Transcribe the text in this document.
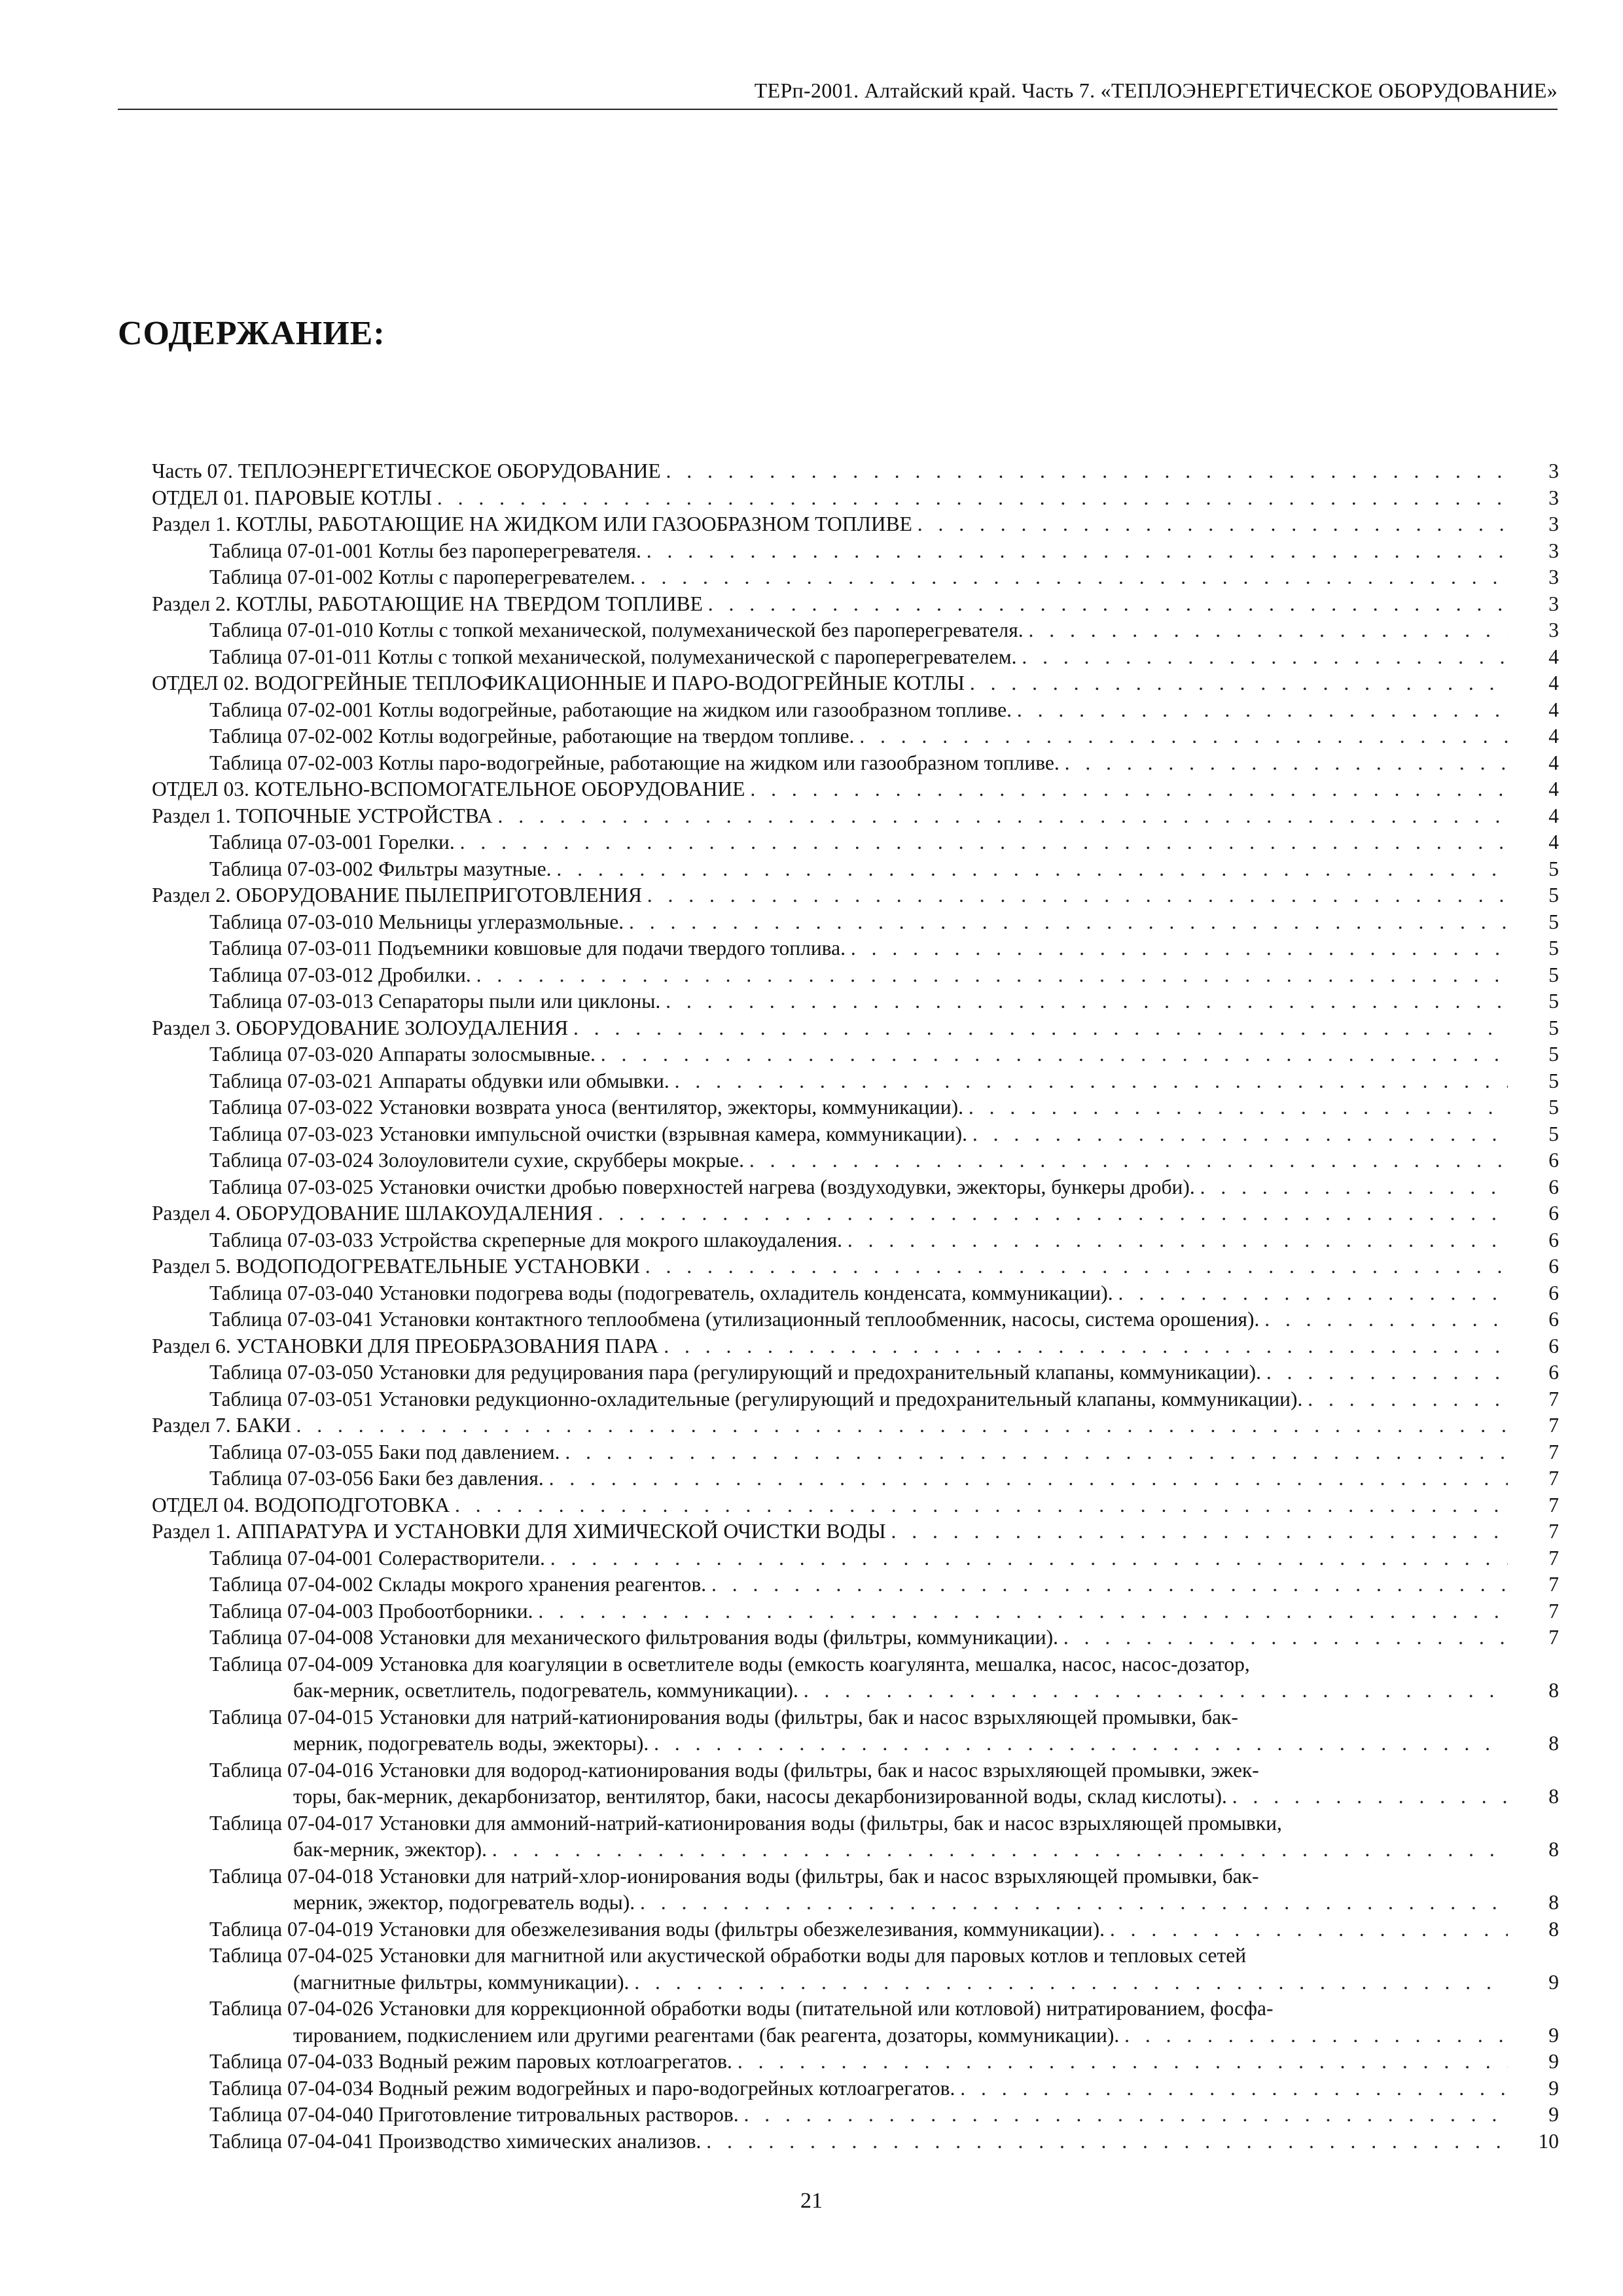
ТЕРп-2001. Алтайский край. Часть 7. «ТЕПЛОЭНЕРГЕТИЧЕСКОЕ ОБОРУДОВАНИЕ»
СОДЕРЖАНИЕ:
Часть 07. ТЕПЛОЭНЕРГЕТИЧЕСКОЕ ОБОРУДОВАНИЕ . . .	3
ОТДЕЛ 01. ПАРОВЫЕ КОТЛЫ . . .	3
Раздел 1. КОТЛЫ, РАБОТАЮЩИЕ НА ЖИДКОМ ИЛИ ГАЗООБРАЗНОМ ТОПЛИВЕ . . .	3
Таблица 07-01-001 Котлы без пароперегревателя. . . .	3
Таблица 07-01-002 Котлы с пароперегревателем. . . .	3
Раздел 2. КОТЛЫ, РАБОТАЮЩИЕ НА ТВЕРДОМ ТОПЛИВЕ . . .	3
Таблица 07-01-010 Котлы с топкой механической, полумеханической без пароперегревателя. . . .	3
Таблица 07-01-011 Котлы с топкой механической, полумеханической с пароперегревателем. . . .	4
ОТДЕЛ 02. ВОДОГРЕЙНЫЕ ТЕПЛОФИКАЦИОННЫЕ И ПАРО-ВОДОГРЕЙНЫЕ КОТЛЫ . . .	4
Таблица 07-02-001 Котлы водогрейные, работающие на жидком или газообразном топливе. . . .	4
Таблица 07-02-002 Котлы водогрейные, работающие на твердом топливе. . . .	4
Таблица 07-02-003 Котлы паро-водогрейные, работающие на жидком или газообразном топливе. . . .	4
ОТДЕЛ 03. КОТЕЛЬНО-ВСПОМОГАТЕЛЬНОЕ ОБОРУДОВАНИЕ . . .	4
Раздел 1. ТОПОЧНЫЕ УСТРОЙСТВА . . .	4
Таблица 07-03-001 Горелки. . . .	4
Таблица 07-03-002 Фильтры мазутные. . . .	5
Раздел 2. ОБОРУДОВАНИЕ ПЫЛЕПРИГОТОВЛЕНИЯ . . .	5
Таблица 07-03-010 Мельницы углеразмольные. . . .	5
Таблица 07-03-011 Подъемники ковшовые для подачи твердого топлива. . . .	5
Таблица 07-03-012 Дробилки. . . .	5
Таблица 07-03-013 Сепараторы пыли или циклоны. . . .	5
Раздел 3. ОБОРУДОВАНИЕ ЗОЛОУДАЛЕНИЯ . . .	5
Таблица 07-03-020 Аппараты золосмывные. . . .	5
Таблица 07-03-021 Аппараты обдувки или обмывки. . . .	5
Таблица 07-03-022 Установки возврата уноса (вентилятор, эжекторы, коммуникации). . . .	5
Таблица 07-03-023 Установки импульсной очистки (взрывная камера, коммуникации). . . .	5
Таблица 07-03-024 Золоуловители сухие, скрубберы мокрые. . . .	6
Таблица 07-03-025 Установки очистки дробью поверхностей нагрева (воздуходувки, эжекторы, бункеры дроби). . . .	6
Раздел 4. ОБОРУДОВАНИЕ ШЛАКОУДАЛЕНИЯ . . .	6
Таблица 07-03-033 Устройства скреперные для мокрого шлакоудаления. . . .	6
Раздел 5. ВОДОПОДОГРЕВАТЕЛЬНЫЕ УСТАНОВКИ . . .	6
Таблица 07-03-040 Установки подогрева воды (подогреватель, охладитель конденсата, коммуникации). . . .	6
Таблица 07-03-041 Установки контактного теплообмена (утилизационный теплообменник, насосы, система орошения). . . .	6
Раздел 6. УСТАНОВКИ ДЛЯ ПРЕОБРАЗОВАНИЯ ПАРА . . .	6
Таблица 07-03-050 Установки для редуцирования пара (регулирующий и предохранительный клапаны, коммуникации). . . .	6
Таблица 07-03-051 Установки редукционно-охладительные (регулирующий и предохранительный клапаны, коммуникации). . . .	7
Раздел 7. БАКИ . . .	7
Таблица 07-03-055 Баки под давлением. . . .	7
Таблица 07-03-056 Баки без давления. . . .	7
ОТДЕЛ 04. ВОДОПОДГОТОВКА . . .	7
Раздел 1. АППАРАТУРА И УСТАНОВКИ ДЛЯ ХИМИЧЕСКОЙ ОЧИСТКИ ВОДЫ . . .	7
Таблица 07-04-001 Солерастворители. . . .	7
Таблица 07-04-002 Склады мокрого хранения реагентов. . . .	7
Таблица 07-04-003 Пробоотборники. . . .	7
Таблица 07-04-008 Установки для механического фильтрования воды (фильтры, коммуникации). . . .	7
Таблица 07-04-009 Установка для коагуляции в осветлителе воды (емкость коагулянта, мешалка, насос, насос-дозатор,
бак-мерник, осветлитель, подогреватель, коммуникации). . . .	8
Таблица 07-04-015 Установки для натрий-катионирования воды (фильтры, бак и насос взрыхляющей промывки, бак-
мерник, подогреватель воды, эжекторы). . . .	8
Таблица 07-04-016 Установки для водород-катионирования воды (фильтры, бак и насос взрыхляющей промывки, эжек-
торы, бак-мерник, декарбонизатор, вентилятор, баки, насосы декарбонизированной воды, склад кислоты). . . .	8
Таблица 07-04-017 Установки для аммоний-натрий-катионирования воды (фильтры, бак и насос взрыхляющей промывки,
бак-мерник, эжектор). . . .	8
Таблица 07-04-018 Установки для натрий-хлор-ионирования воды (фильтры, бак и насос взрыхляющей промывки, бак-
мерник, эжектор, подогреватель воды). . . .	8
Таблица 07-04-019 Установки для обезжелезивания воды (фильтры обезжелезивания, коммуникации). . . .	8
Таблица 07-04-025 Установки для магнитной или акустической обработки воды для паровых котлов и тепловых сетей
(магнитные фильтры, коммуникации). . . .	9
Таблица 07-04-026 Установки для коррекционной обработки воды (питательной или котловой) нитратированием, фосфа-
тированием, подкислением или другими реагентами (бак реагента, дозаторы, коммуникации). . . .	9
Таблица 07-04-033 Водный режим паровых котлоагрегатов. . . .	9
Таблица 07-04-034 Водный режим водогрейных и паро-водогрейных котлоагрегатов. . . .	9
Таблица 07-04-040 Приготовление титровальных растворов. . . .	9
Таблица 07-04-041 Производство химических анализов. . . .	10
21
